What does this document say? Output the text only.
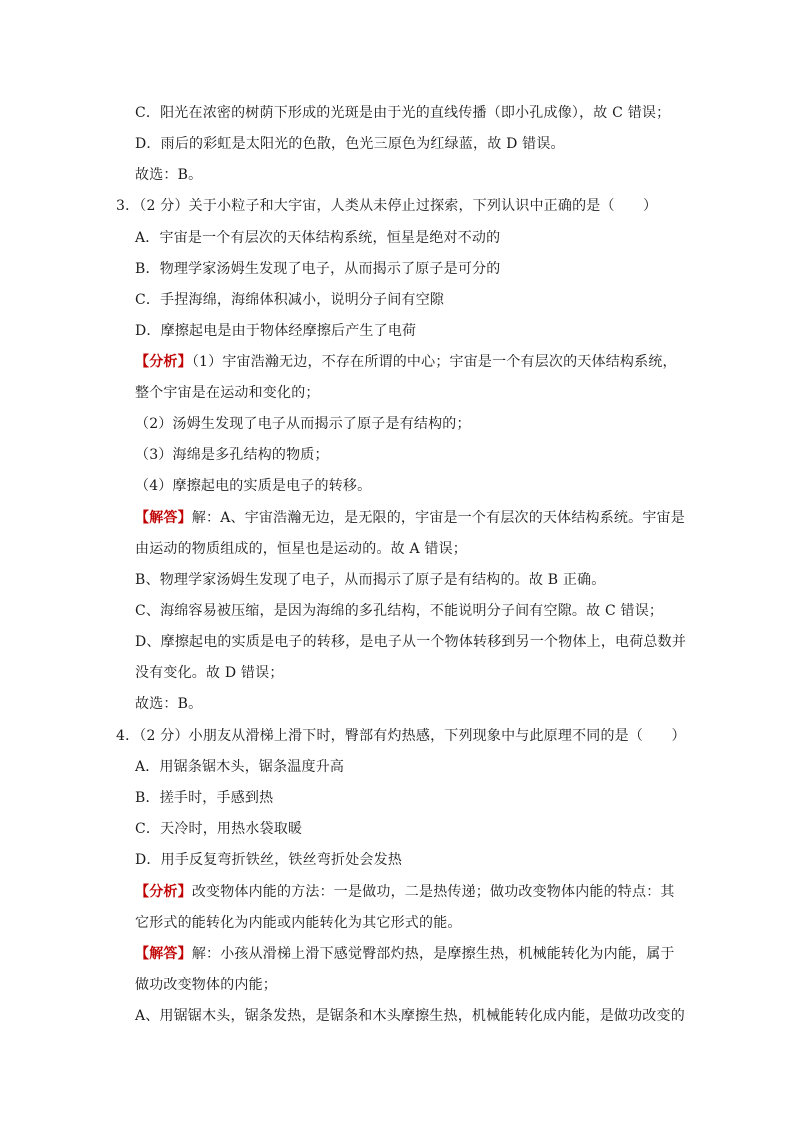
C．阳光在浓密的树荫下形成的光斑是由于光的直线传播（即小孔成像），故 C 错误；
D．雨后的彩虹是太阳光的色散，色光三原色为红绿蓝，故 D 错误。
故选：B。
3．（2 分）关于小粒子和大宇宙，人类从未停止过探索，下列认识中正确的是（　　）
A．宇宙是一个有层次的天体结构系统，恒星是绝对不动的
B．物理学家汤姆生发现了电子，从而揭示了原子是可分的
C．手捏海绵，海绵体积减小，说明分子间有空隙
D．摩擦起电是由于物体经摩擦后产生了电荷
【分析】（1）宇宙浩瀚无边，不存在所谓的中心；宇宙是一个有层次的天体结构系统，
整个宇宙是在运动和变化的；
（2）汤姆生发现了电子从而揭示了原子是有结构的；
（3）海绵是多孔结构的物质；
（4）摩擦起电的实质是电子的转移。
【解答】解：A、宇宙浩瀚无边，是无限的，宇宙是一个有层次的天体结构系统。宇宙是
由运动的物质组成的，恒星也是运动的。故 A 错误；
B、物理学家汤姆生发现了电子，从而揭示了原子是有结构的。故 B 正确。
C、海绵容易被压缩，是因为海绵的多孔结构，不能说明分子间有空隙。故 C 错误；
D、摩擦起电的实质是电子的转移，是电子从一个物体转移到另一个物体上，电荷总数并
没有变化。故 D 错误；
故选：B。
4．（2 分）小朋友从滑梯上滑下时，臀部有灼热感，下列现象中与此原理不同的是（　　）
A．用锯条锯木头，锯条温度升高
B．搓手时，手感到热
C．天冷时，用热水袋取暖
D．用手反复弯折铁丝，铁丝弯折处会发热
【分析】改变物体内能的方法：一是做功，二是热传递；做功改变物体内能的特点：其
它形式的能转化为内能或内能转化为其它形式的能。
【解答】解：小孩从滑梯上滑下感觉臀部灼热，是摩擦生热，机械能转化为内能，属于
做功改变物体的内能；
A、用锯锯木头，锯条发热，是锯条和木头摩擦生热，机械能转化成内能，是做功改变的
